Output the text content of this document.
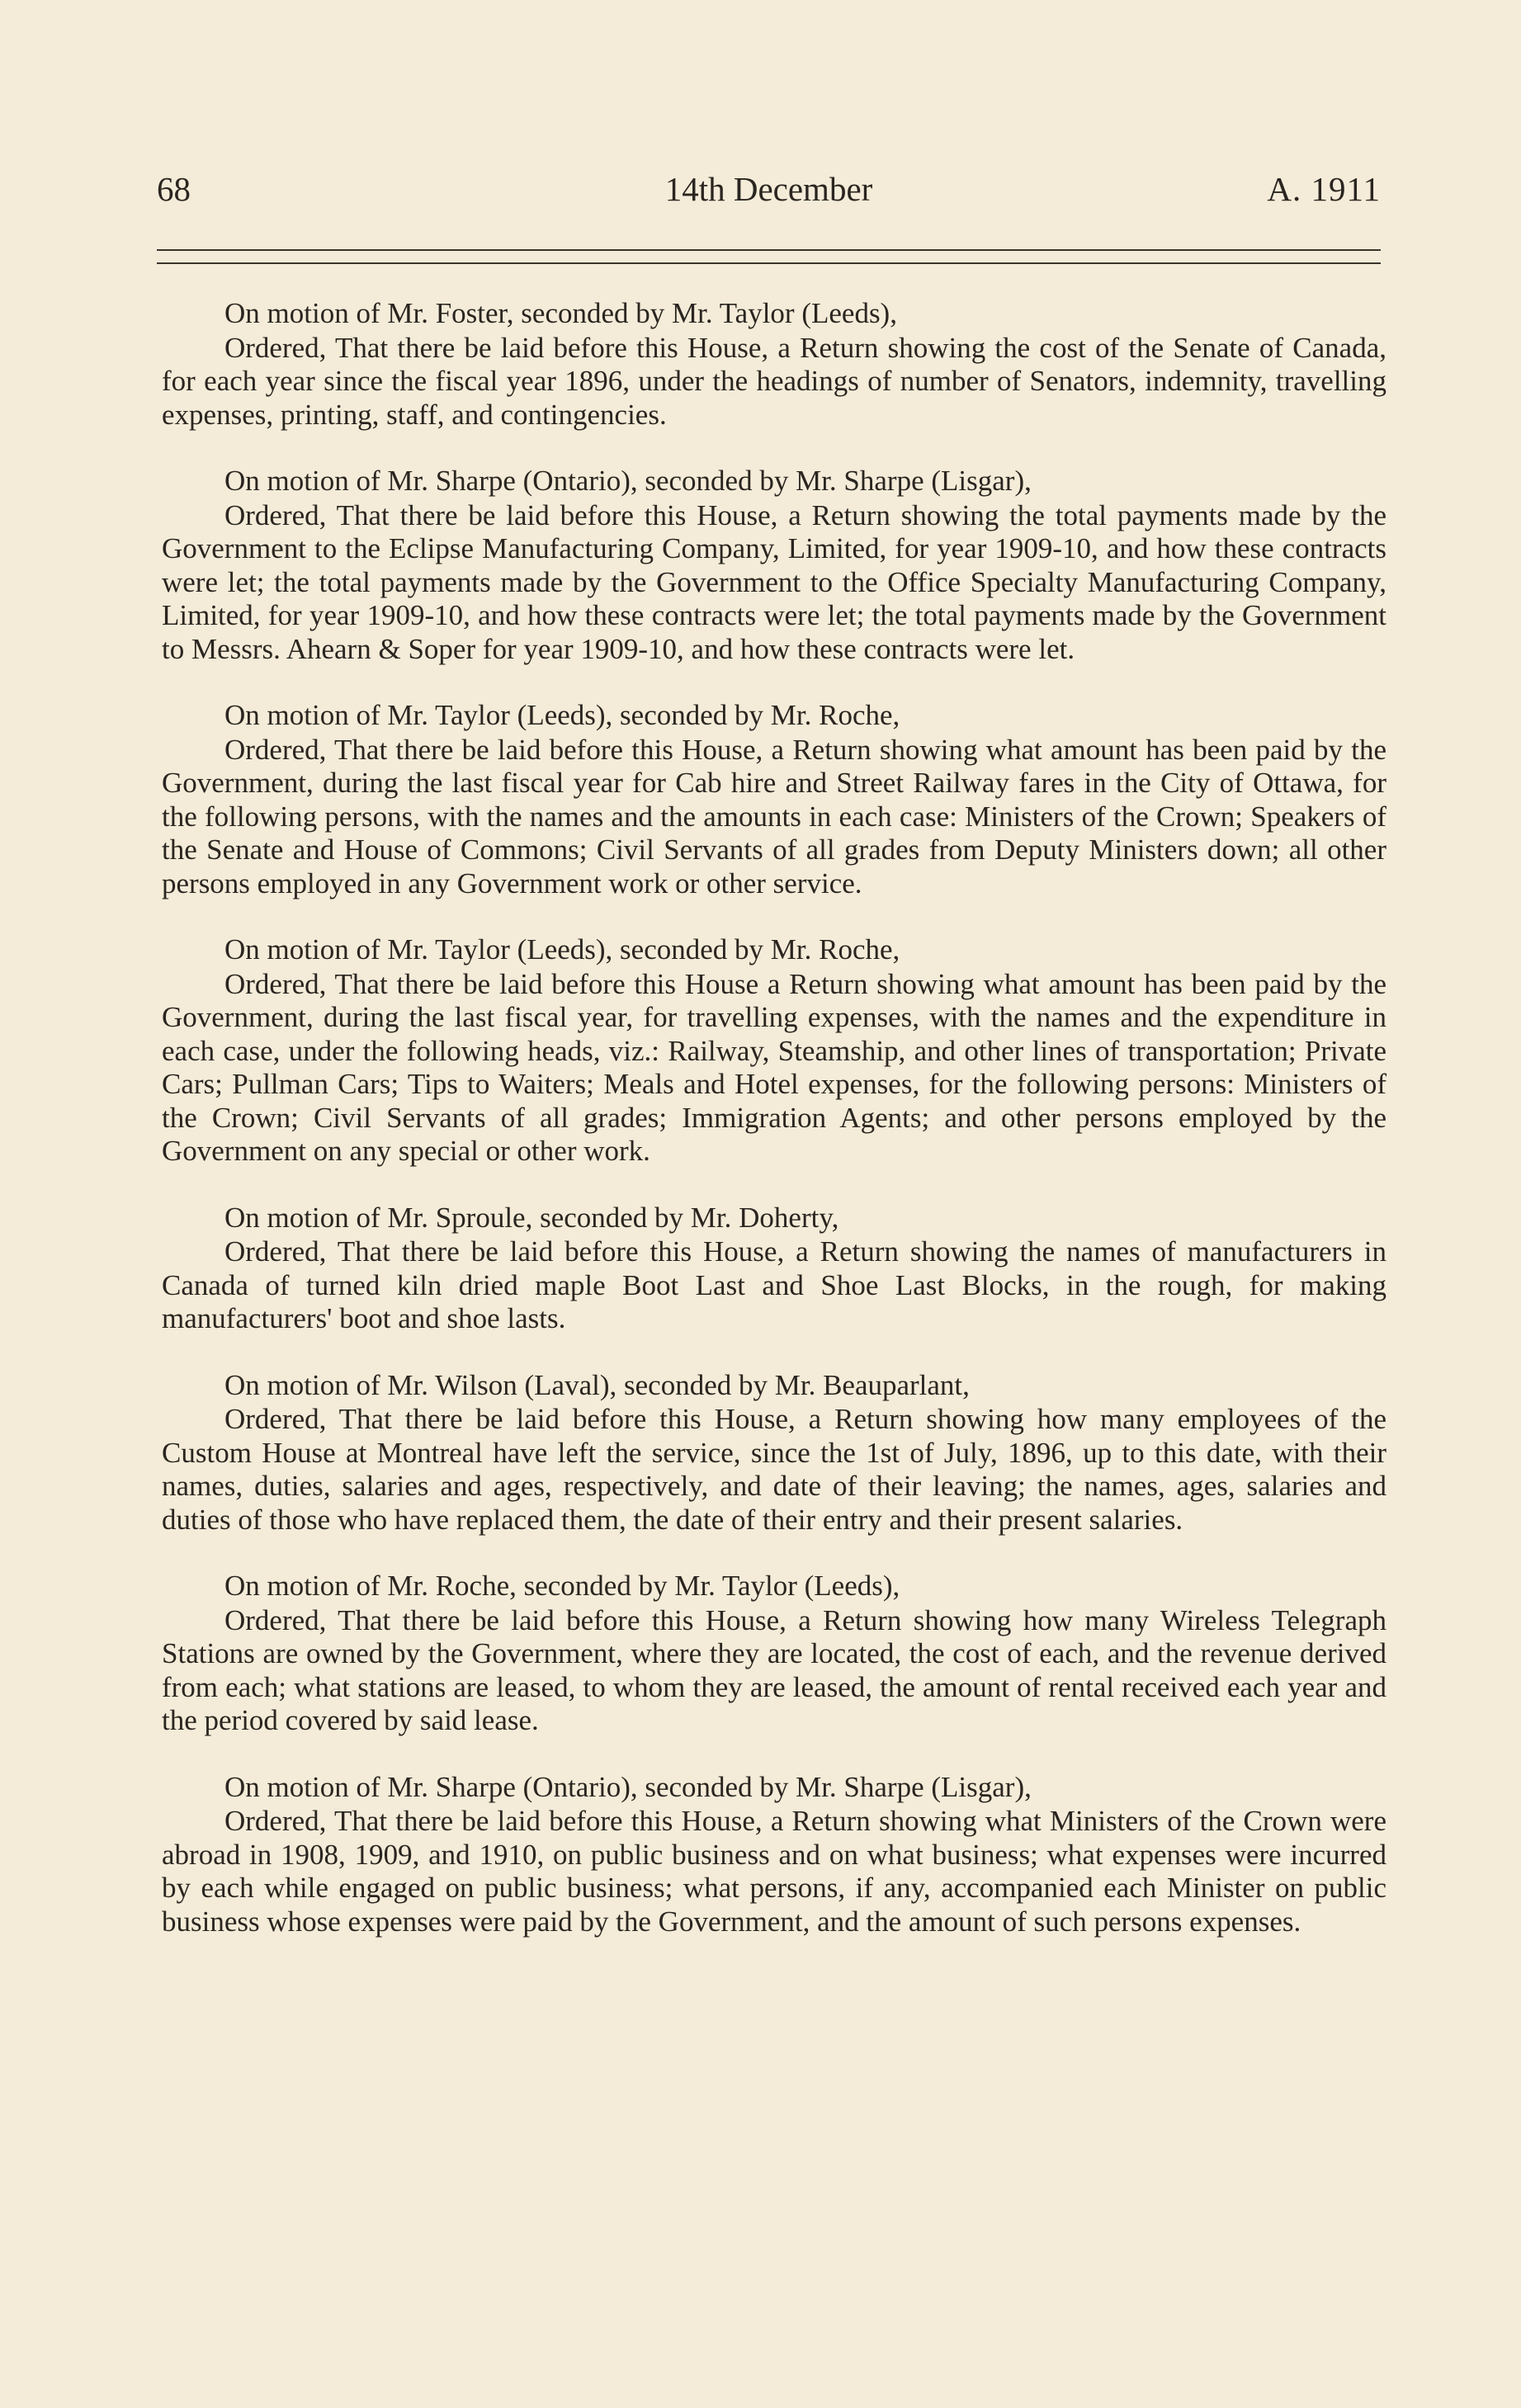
68	14th December	A. 1911

On motion of Mr. Foster, seconded by Mr. Taylor (Leeds),

Ordered, That there be laid before this House, a Return showing the cost of the Senate of Canada, for each year since the fiscal year 1896, under the headings of number of Senators, indemnity, travelling expenses, printing, staff, and contingencies.

On motion of Mr. Sharpe (Ontario), seconded by Mr. Sharpe (Lisgar),

Ordered, That there be laid before this House, a Return showing the total payments made by the Government to the Eclipse Manufacturing Company, Limited, for year 1909-10, and how these contracts were let; the total payments made by the Government to the Office Specialty Manufacturing Company, Limited, for year 1909-10, and how these contracts were let; the total payments made by the Government to Messrs. Ahearn & Soper for year 1909-10, and how these contracts were let.

On motion of Mr. Taylor (Leeds), seconded by Mr. Roche,

Ordered, That there be laid before this House, a Return showing what amount has been paid by the Government, during the last fiscal year for Cab hire and Street Railway fares in the City of Ottawa, for the following persons, with the names and the amounts in each case: Ministers of the Crown; Speakers of the Senate and House of Commons; Civil Servants of all grades from Deputy Ministers down; all other persons employed in any Government work or other service.

On motion of Mr. Taylor (Leeds), seconded by Mr. Roche,

Ordered, That there be laid before this House a Return showing what amount has been paid by the Government, during the last fiscal year, for travelling expenses, with the names and the expenditure in each case, under the following heads, viz.: Railway, Steamship, and other lines of transportation; Private Cars; Pullman Cars; Tips to Waiters; Meals and Hotel expenses, for the following persons: Ministers of the Crown; Civil Servants of all grades; Immigration Agents; and other persons employed by the Government on any special or other work.

On motion of Mr. Sproule, seconded by Mr. Doherty,

Ordered, That there be laid before this House, a Return showing the names of manufacturers in Canada of turned kiln dried maple Boot Last and Shoe Last Blocks, in the rough, for making manufacturers' boot and shoe lasts.

On motion of Mr. Wilson (Laval), seconded by Mr. Beauparlant,

Ordered, That there be laid before this House, a Return showing how many employees of the Custom House at Montreal have left the service, since the 1st of July, 1896, up to this date, with their names, duties, salaries and ages, respectively, and date of their leaving; the names, ages, salaries and duties of those who have replaced them, the date of their entry and their present salaries.

On motion of Mr. Roche, seconded by Mr. Taylor (Leeds),

Ordered, That there be laid before this House, a Return showing how many Wireless Telegraph Stations are owned by the Government, where they are located, the cost of each, and the revenue derived from each; what stations are leased, to whom they are leased, the amount of rental received each year and the period covered by said lease.

On motion of Mr. Sharpe (Ontario), seconded by Mr. Sharpe (Lisgar),

Ordered, That there be laid before this House, a Return showing what Ministers of the Crown were abroad in 1908, 1909, and 1910, on public business and on what business; what expenses were incurred by each while engaged on public business; what persons, if any, accompanied each Minister on public business whose expenses were paid by the Government, and the amount of such persons expenses.
